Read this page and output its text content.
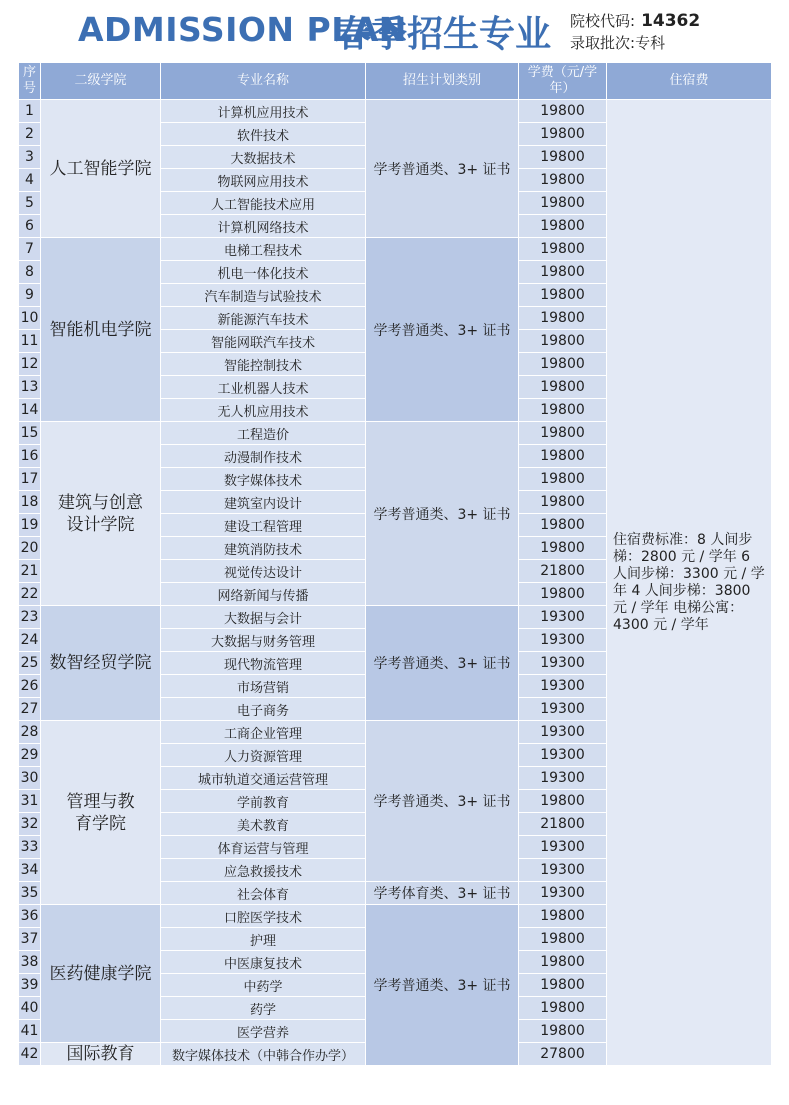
ADMISSION PLAN
春季招生专业 院校代码: 14362
录取批次:专科
序号	二级学院	专业名称	招生计划类别	学费（元/学年）	住宿费
1	人工智能学院	计算机应用技术	学考普通类、3+ 证书	19800	住宿费标准：8 人间步梯：2800 元 / 学年 6 人间步梯：3300 元 / 学年 4 人间步梯：3800 元 / 学年 电梯公寓：4300 元 / 学年
2		软件技术		19800	
3		大数据技术		19800	
4		物联网应用技术		19800	
5		人工智能技术应用		19800	
6		计算机网络技术		19800	
7	智能机电学院	电梯工程技术	学考普通类、3+ 证书	19800	
8		机电一体化技术		19800	
9		汽车制造与试验技术		19800	
10		新能源汽车技术		19800	
11		智能网联汽车技术		19800	
12		智能控制技术		19800	
13		工业机器人技术		19800	
14		无人机应用技术		19800	
15	建筑与创意设计学院	工程造价	学考普通类、3+ 证书	19800	
16		动漫制作技术		19800	
17		数字媒体技术		19800	
18		建筑室内设计		19800	
19		建设工程管理		19800	
20		建筑消防技术		19800	
21		视觉传达设计		21800	
22		网络新闻与传播		19800	
23	数智经贸学院	大数据与会计	学考普通类、3+ 证书	19300	
24		大数据与财务管理		19300	
25		现代物流管理		19300	
26		市场营销		19300	
27		电子商务		19300	
28	管理与教育学院	工商企业管理	学考普通类、3+ 证书	19300	
29		人力资源管理		19300	
30		城市轨道交通运营管理		19300	
31		学前教育		19800	
32		美术教育		21800	
33		体育运营与管理		19300	
34		应急救援技术		19300	
35		社会体育	学考体育类、3+ 证书	19300	
36	医药健康学院	口腔医学技术	学考普通类、3+ 证书	19800	
37		护理		19800	
38		中医康复技术		19800	
39		中药学		19800	
40		药学		19800	
41		医学营养		19800	
42	国际教育	数字媒体技术（中韩合作办学）		27800	
